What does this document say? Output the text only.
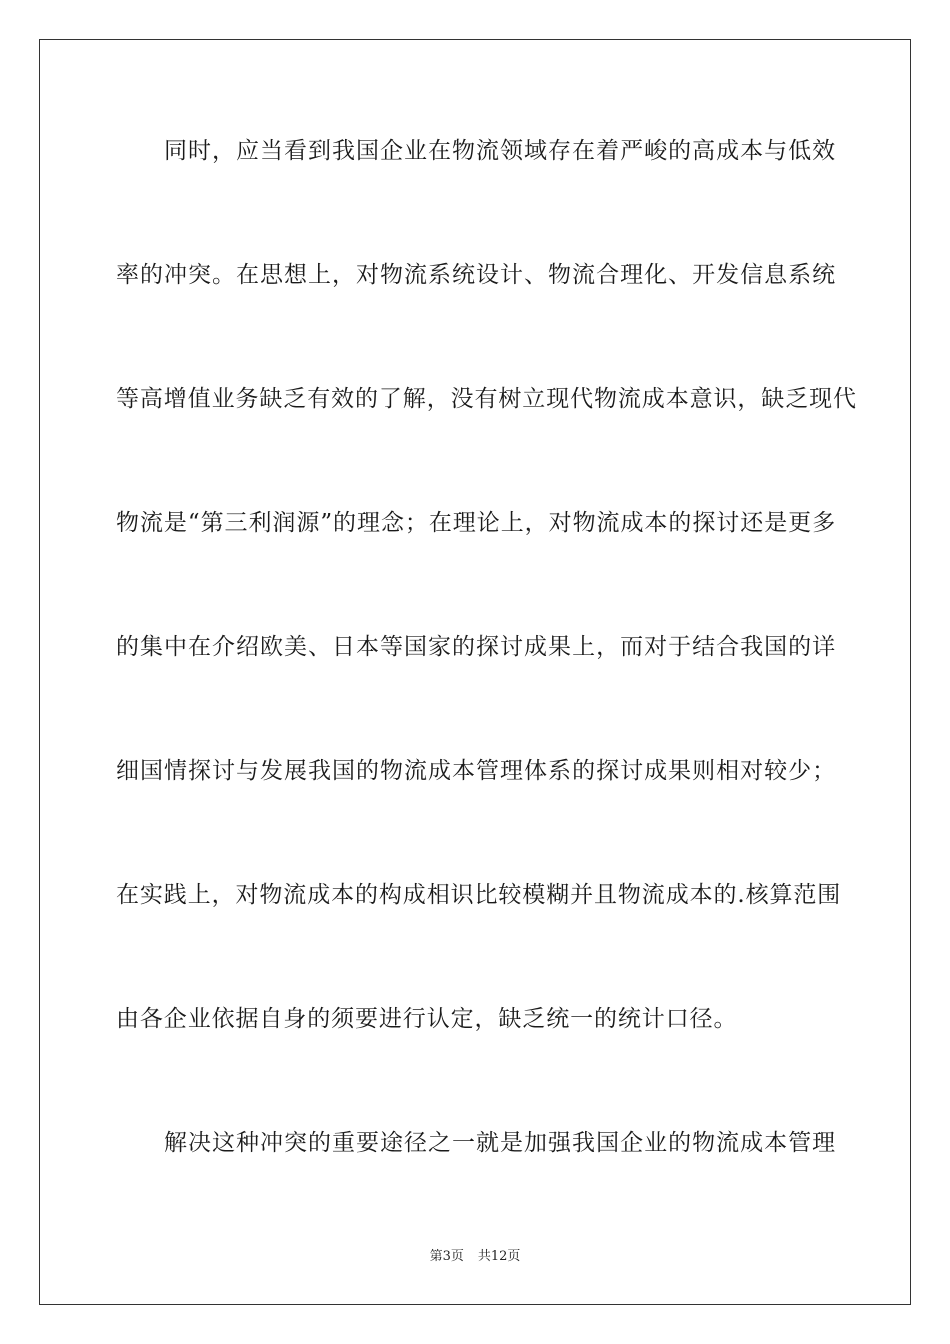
同时，应当看到我国企业在物流领域存在着严峻的高成本与低效
率的冲突。在思想上，对物流系统设计、物流合理化、开发信息系统
等高增值业务缺乏有效的了解，没有树立现代物流成本意识，缺乏现代
物流是“第三利润源”的理念；在理论上，对物流成本的探讨还是更多
的集中在介绍欧美、日本等国家的探讨成果上，而对于结合我国的详
细国情探讨与发展我国的物流成本管理体系的探讨成果则相对较少；
在实践上，对物流成本的构成相识比较模糊并且物流成本的.核算范围
由各企业依据自身的须要进行认定，缺乏统一的统计口径。
解决这种冲突的重要途径之一就是加强我国企业的物流成本管理
第3页 共12页
